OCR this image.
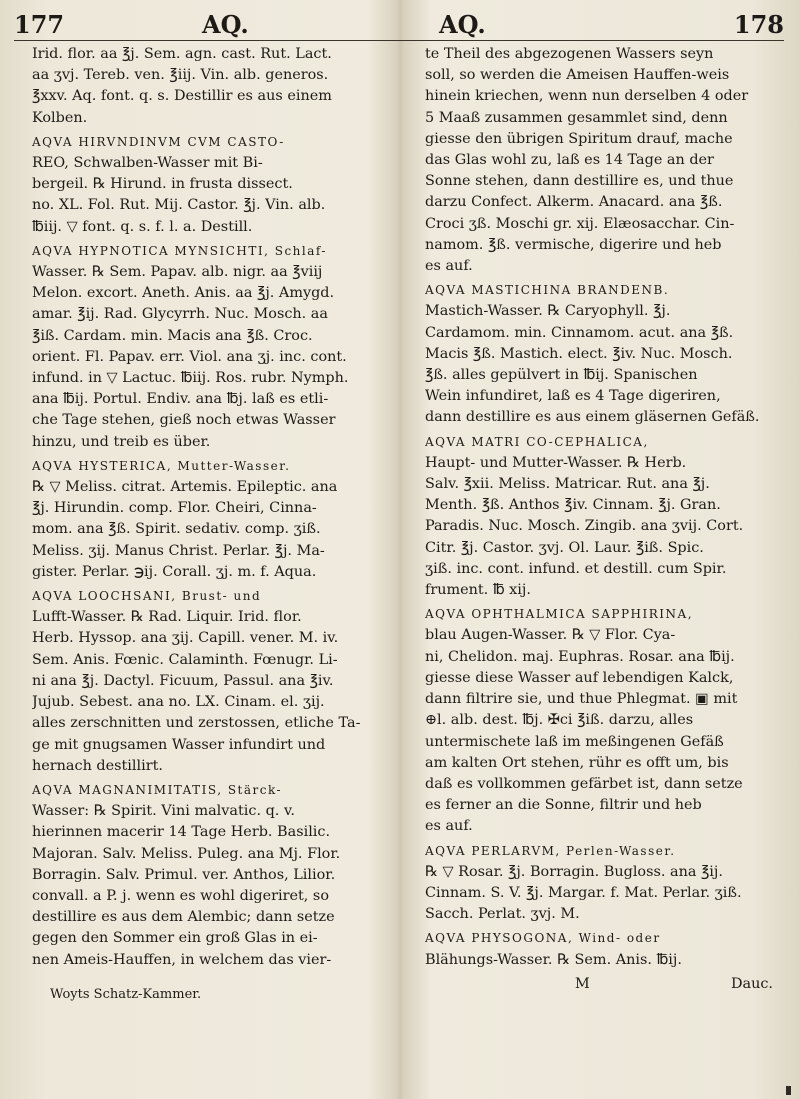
177	AQ.	AQ.	178

Irid. flor. aa ℥j. Sem. agn. cast. Rut. Lact.

aa ʒvj. Tereb. ven. ℥iij. Vin. alb. generos.

℥xxv. Aq. font. q. s. Destillir es aus einem

Kolben.

AQVA HIRVNDINVM CVM CASTO-

REO, Schwalben-Wasser mit Bi-

bergeil. ℞ Hirund. in frusta dissect.

no. XL. Fol. Rut. Mij. Castor. ℥j. Vin. alb.

℔iij. ▽ font. q. s. f. l. a. Destill.

AQVA HYPNOTICA MYNSICHTI, Schlaf-

Wasser. ℞ Sem. Papav. alb. nigr. aa ℥viij

Melon. excort. Aneth. Anis. aa ℥j. Amygd.

amar. ℥ij. Rad. Glycyrrh. Nuc. Mosch. aa

℥iß. Cardam. min. Macis ana ℥ß. Croc.

orient. Fl. Papav. err. Viol. ana ʒj. inc. cont.

infund. in ▽ Lactuc. ℔iij. Ros. rubr. Nymph.

ana ℔ij. Portul. Endiv. ana ℔j. laß es etli-

che Tage stehen, gieß noch etwas Wasser

hinzu, und treib es über.

AQVA HYSTERICA, Mutter-Wasser.

℞ ▽ Meliss. citrat. Artemis. Epileptic. ana

℥j. Hirundin. comp. Flor. Cheiri, Cinna-

mom. ana ℥ß. Spirit. sedativ. comp. ʒiß.

Meliss. ʒij. Manus Christ. Perlar. ℥j. Ma-

gister. Perlar. ℈ij. Corall. ʒj. m. f. Aqua.

AQVA LOOCHSANI, Brust- und

Lufft-Wasser. ℞ Rad. Liquir. Irid. flor.

Herb. Hyssop. ana ʒij. Capill. vener. M. iv.

Sem. Anis. Fœnic. Calaminth. Fœnugr. Li-

ni ana ℥j. Dactyl. Ficuum, Passul. ana ℥iv.

Jujub. Sebest. ana no. LX. Cinam. el. ʒij.

alles zerschnitten und zerstossen, etliche Ta-

ge mit gnugsamen Wasser infundirt und

hernach destillirt.

AQVA MAGNANIMITATIS, Stärck-

Wasser: ℞ Spirit. Vini malvatic. q. v.

hierinnen macerir 14 Tage Herb. Basilic.

Majoran. Salv. Meliss. Puleg. ana Mj. Flor.

Borragin. Salv. Primul. ver. Anthos, Lilior.

convall. a P. j. wenn es wohl digeriret, so

destillire es aus dem Alembic; dann setze

gegen den Sommer ein groß Glas in ei-

nen Ameis-Hauffen, in welchem das vier-

Woyts Schatz-Kammer.

te Theil des abgezogenen Wassers seyn

soll, so werden die Ameisen Hauffen-weis

hinein kriechen, wenn nun derselben 4 oder

5 Maaß zusammen gesammlet sind, denn

giesse den übrigen Spiritum drauf, mache

das Glas wohl zu, laß es 14 Tage an der

Sonne stehen, dann destillire es, und thue

darzu Confect. Alkerm. Anacard. ana ℥ß.

Croci ʒß. Moschi gr. xij. Elæosacchar. Cin-

namom. ℥ß. vermische, digerire und heb

es auf.

AQVA MASTICHINA BRANDENB.

Mastich-Wasser. ℞ Caryophyll. ℥j.

Cardamom. min. Cinnamom. acut. ana ℥ß.

Macis ℥ß. Mastich. elect. ℥iv. Nuc. Mosch.

℥ß. alles gepülvert in ℔ij. Spanischen

Wein infundiret, laß es 4 Tage digeriren,

dann destillire es aus einem gläsernen Gefäß.

AQVA MATRI CO-CEPHALICA,

Haupt- und Mutter-Wasser. ℞ Herb.

Salv. ℥xii. Meliss. Matricar. Rut. ana ℥j.

Menth. ℥ß. Anthos ℥iv. Cinnam. ℥j. Gran.

Paradis. Nuc. Mosch. Zingib. ana ʒvij. Cort.

Citr. ℥j. Castor. ʒvj. Ol. Laur. ℥iß. Spic.

ʒiß. inc. cont. infund. et destill. cum Spir.

frument. ℔ xij.

AQVA OPHTHALMICA SAPPHIRINA,

blau Augen-Wasser. ℞ ▽ Flor. Cya-

ni, Chelidon. maj. Euphras. Rosar. ana ℔ij.

giesse diese Wasser auf lebendigen Kalck,

dann filtrire sie, und thue Phlegmat. ▣ mit

⊕l. alb. dest. ℔j. ✠ci ℥iß. darzu, alles

untermischete laß im meßingenen Gefäß

am kalten Ort stehen, rühr es offt um, bis

daß es vollkommen gefärbet ist, dann setze

es ferner an die Sonne, filtrir und heb

es auf.

AQVA PERLARVM, Perlen-Wasser.

℞ ▽ Rosar. ℥j. Borragin. Bugloss. ana ℥ij.

Cinnam. S. V. ℥j. Margar. f. Mat. Perlar. ʒiß.

Sacch. Perlat. ʒvj. M.

AQVA PHYSOGONA, Wind- oder

Blähungs-Wasser. ℞ Sem. Anis. ℔ij.

M	Dauc.
